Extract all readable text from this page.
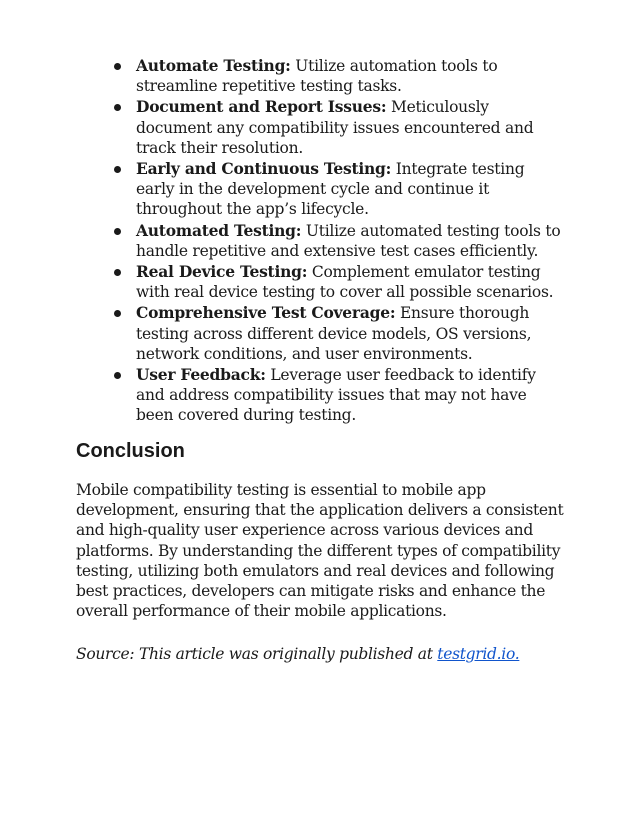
Automate Testing: Utilize automation tools to streamline repetitive testing tasks.
Document and Report Issues: Meticulously document any compatibility issues encountered and track their resolution.
Early and Continuous Testing: Integrate testing early in the development cycle and continue it throughout the app’s lifecycle.
Automated Testing: Utilize automated testing tools to handle repetitive and extensive test cases efficiently.
Real Device Testing: Complement emulator testing with real device testing to cover all possible scenarios.
Comprehensive Test Coverage: Ensure thorough testing across different device models, OS versions, network conditions, and user environments.
User Feedback: Leverage user feedback to identify and address compatibility issues that may not have been covered during testing.
Conclusion

Mobile compatibility testing is essential to mobile app development, ensuring that the application delivers a consistent and high-quality user experience across various devices and platforms. By understanding the different types of compatibility testing, utilizing both emulators and real devices and following best practices, developers can mitigate risks and enhance the overall performance of their mobile applications.

Source: This article was originally published at testgrid.io.
